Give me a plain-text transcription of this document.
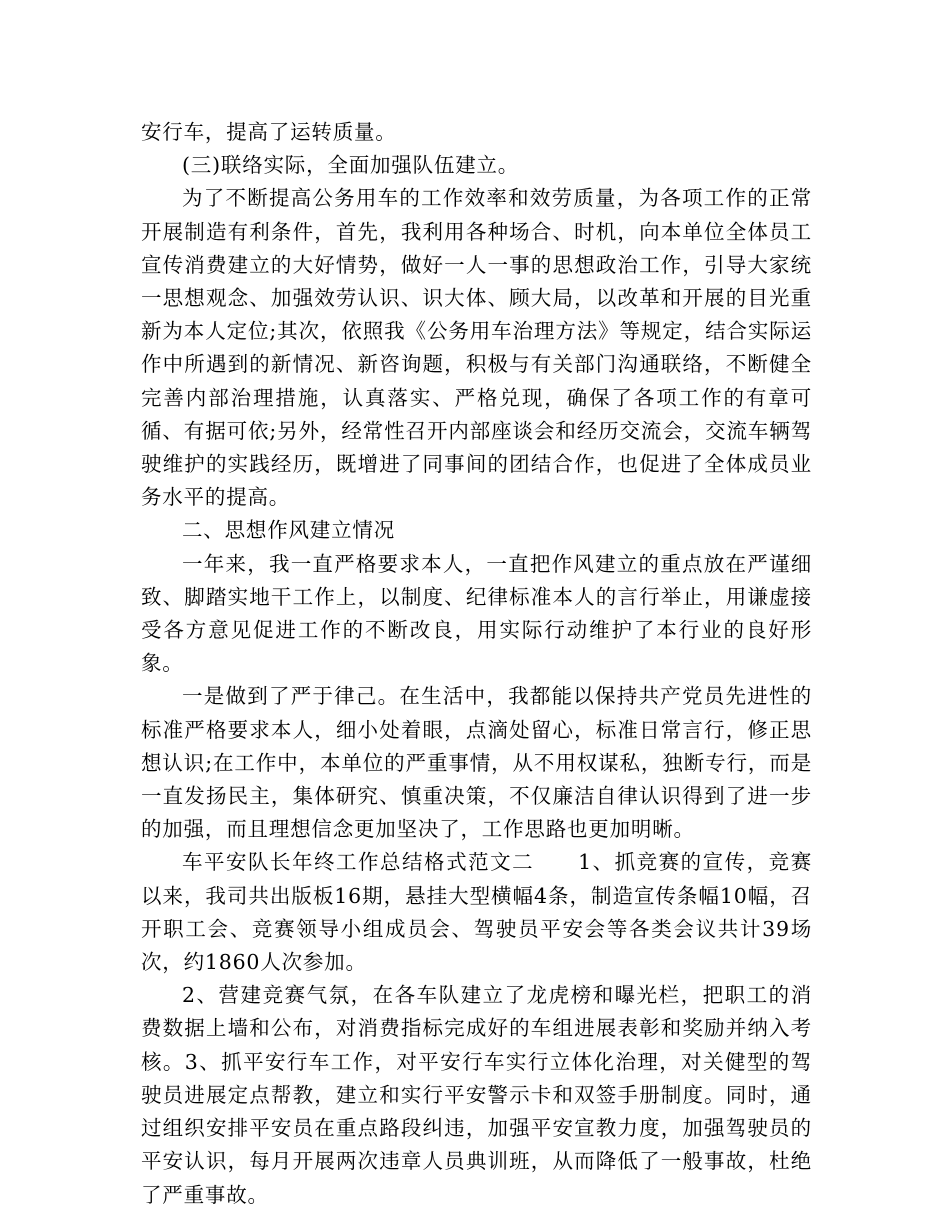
安行车，提高了运转质量。

(三)联络实际，全面加强队伍建立。

为了不断提高公务用车的工作效率和效劳质量，为各项工作的正常开展制造有利条件，首先，我利用各种场合、时机，向本单位全体员工宣传消费建立的大好情势，做好一人一事的思想政治工作，引导大家统一思想观念、加强效劳认识、识大体、顾大局，以改革和开展的目光重新为本人定位;其次，依照我《公务用车治理方法》等规定，结合实际运作中所遇到的新情况、新咨询题，积极与有关部门沟通联络，不断健全完善内部治理措施，认真落实、严格兑现，确保了各项工作的有章可循、有据可依;另外，经常性召开内部座谈会和经历交流会，交流车辆驾驶维护的实践经历，既增进了同事间的团结合作，也促进了全体成员业务水平的提高。

二、思想作风建立情况

一年来，我一直严格要求本人，一直把作风建立的重点放在严谨细致、脚踏实地干工作上，以制度、纪律标准本人的言行举止，用谦虚接受各方意见促进工作的不断改良，用实际行动维护了本行业的良好形象。

一是做到了严于律己。在生活中，我都能以保持共产党员先进性的标准严格要求本人，细小处着眼，点滴处留心，标准日常言行，修正思想认识;在工作中，本单位的严重事情，从不用权谋私，独断专行，而是一直发扬民主，集体研究、慎重决策，不仅廉洁自律认识得到了进一步的加强，而且理想信念更加坚决了，工作思路也更加明晰。

车平安队长年终工作总结格式范文二　　1、抓竞赛的宣传，竞赛以来，我司共出版板16期，悬挂大型横幅4条，制造宣传条幅10幅，召开职工会、竞赛领导小组成员会、驾驶员平安会等各类会议共计39场次，约1860人次参加。

2、营建竞赛气氛，在各车队建立了龙虎榜和曝光栏，把职工的消费数据上墙和公布，对消费指标完成好的车组进展表彰和奖励并纳入考核。3、抓平安行车工作，对平安行车实行立体化治理，对关健型的驾驶员进展定点帮教，建立和实行平安警示卡和双签手册制度。同时，通过组织安排平安员在重点路段纠违，加强平安宣教力度，加强驾驶员的平安认识，每月开展两次违章人员典训班，从而降低了一般事故，杜绝了严重事故。
